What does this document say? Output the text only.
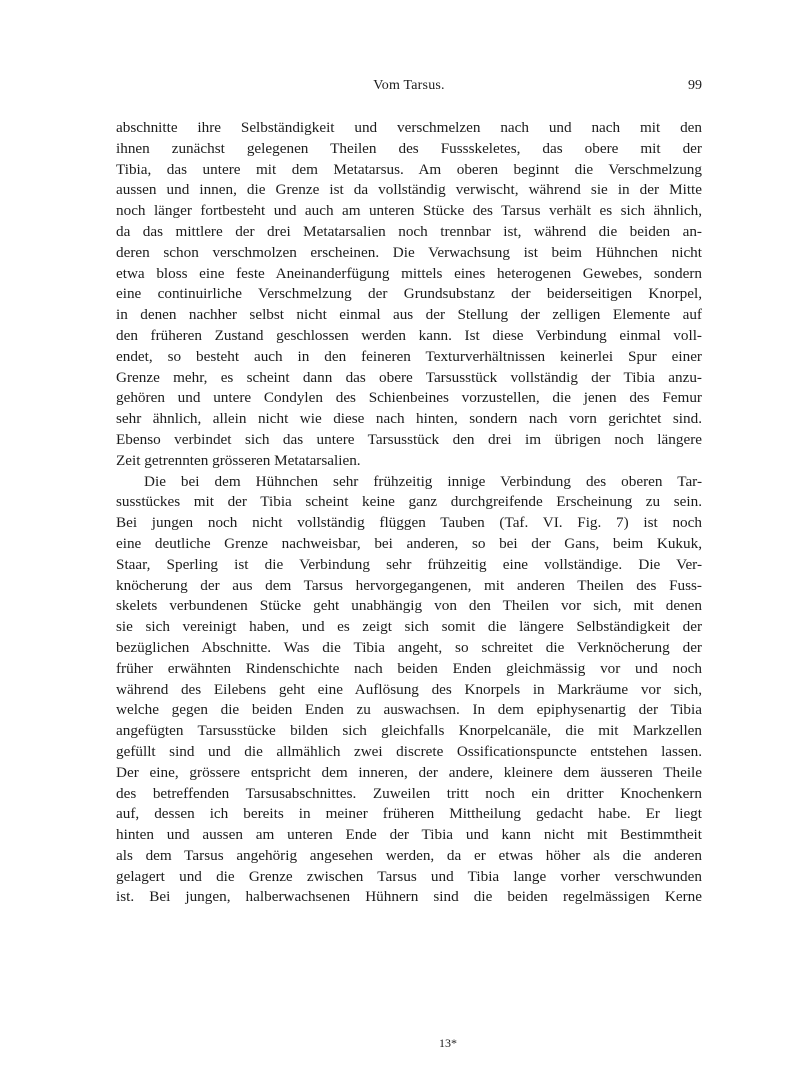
Vom Tarsus.	99
abschnitte ihre Selbständigkeit und verschmelzen nach und nach mit den
ihnen zunächst gelegenen Theilen des Fussskeletes, das obere mit der
Tibia, das untere mit dem Metatarsus. Am oberen beginnt die Verschmelzung
aussen und innen, die Grenze ist da vollständig verwischt, während sie in der Mitte
noch länger fortbesteht und auch am unteren Stücke des Tarsus verhält es sich ähnlich,
da das mittlere der drei Metatarsalien noch trennbar ist, während die beiden an-
deren schon verschmolzen erscheinen. Die Verwachsung ist beim Hühnchen nicht
etwa bloss eine feste Aneinanderfügung mittels eines heterogenen Gewebes, sondern
eine continuirliche Verschmelzung der Grundsubstanz der beiderseitigen Knorpel,
in denen nachher selbst nicht einmal aus der Stellung der zelligen Elemente auf
den früheren Zustand geschlossen werden kann. Ist diese Verbindung einmal voll-
endet, so besteht auch in den feineren Texturverhältnissen keinerlei Spur einer
Grenze mehr, es scheint dann das obere Tarsusstück vollständig der Tibia anzu-
gehören und untere Condylen des Schienbeines vorzustellen, die jenen des Femur
sehr ähnlich, allein nicht wie diese nach hinten, sondern nach vorn gerichtet sind.
Ebenso verbindet sich das untere Tarsusstück den drei im übrigen noch längere
Zeit getrennten grösseren Metatarsalien.
Die bei dem Hühnchen sehr frühzeitig innige Verbindung des oberen Tar-
susstückes mit der Tibia scheint keine ganz durchgreifende Erscheinung zu sein.
Bei jungen noch nicht vollständig flüggen Tauben (Taf. VI. Fig. 7) ist noch
eine deutliche Grenze nachweisbar, bei anderen, so bei der Gans, beim Kukuk,
Staar, Sperling ist die Verbindung sehr frühzeitig eine vollständige. Die Ver-
knöcherung der aus dem Tarsus hervorgegangenen, mit anderen Theilen des Fuss-
skelets verbundenen Stücke geht unabhängig von den Theilen vor sich, mit denen
sie sich vereinigt haben, und es zeigt sich somit die längere Selbständigkeit der
bezüglichen Abschnitte. Was die Tibia angeht, so schreitet die Verknöcherung der
früher erwähnten Rindenschichte nach beiden Enden gleichmässig vor und noch
während des Eilebens geht eine Auflösung des Knorpels in Markräume vor sich,
welche gegen die beiden Enden zu auswachsen. In dem epiphysenartig der Tibia
angefügten Tarsusstücke bilden sich gleichfalls Knorpelcanäle, die mit Markzellen
gefüllt sind und die allmählich zwei discrete Ossificationspuncte entstehen lassen.
Der eine, grössere entspricht dem inneren, der andere, kleinere dem äusseren Theile
des betreffenden Tarsusabschnittes. Zuweilen tritt noch ein dritter Knochenkern
auf, dessen ich bereits in meiner früheren Mittheilung gedacht habe. Er liegt
hinten und aussen am unteren Ende der Tibia und kann nicht mit Bestimmtheit
als dem Tarsus angehörig angesehen werden, da er etwas höher als die anderen
gelagert und die Grenze zwischen Tarsus und Tibia lange vorher verschwunden
ist. Bei jungen, halberwachsenen Hühnern sind die beiden regelmässigen Kerne
13*
